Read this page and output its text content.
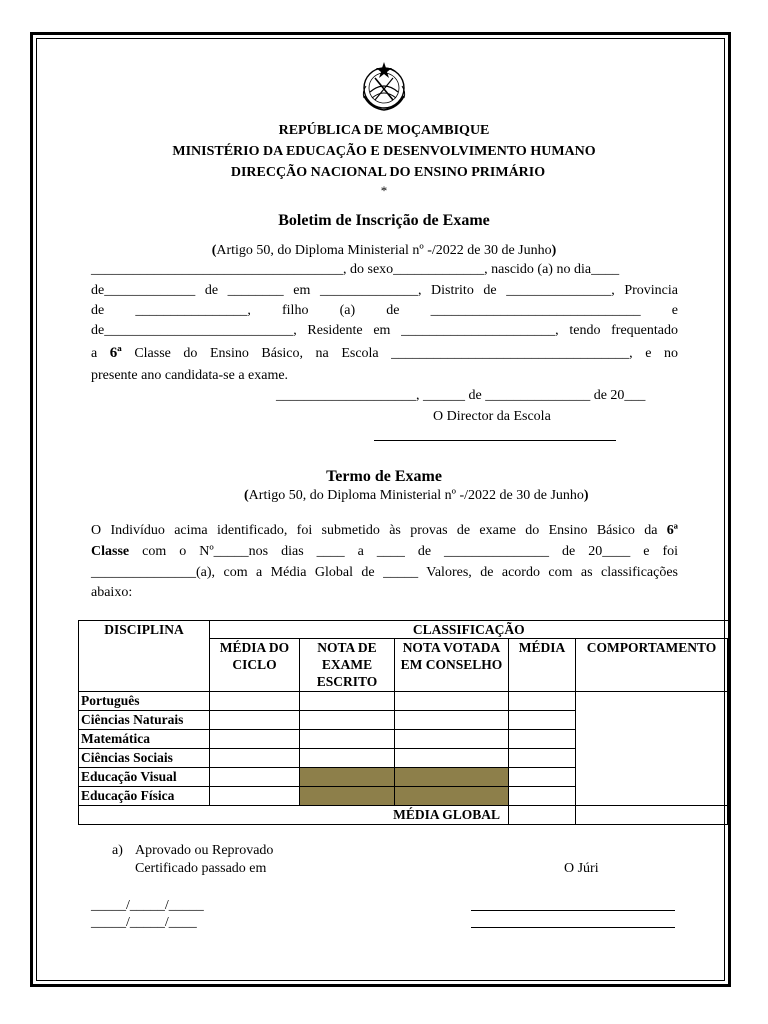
REPÚBLICA DE MOÇAMBIQUE
MINISTÉRIO DA EDUCAÇÃO E DESENVOLVIMENTO HUMANO
DIRECÇÃO NACIONAL DO ENSINO PRIMÁRIO
*
Boletim de Inscrição de Exame
(Artigo 50, do Diploma Ministerial nº -/2022 de 30 de Junho)
____________________________________, do sexo_____________, nascido (a) no dia____
de_____________ de ________ em ______________, Distrito de _______________, Provincia
de ________________, filho (a) de ______________________________ e
de___________________________, Residente em ______________________, tendo frequentado
a 6ª Classe do Ensino Básico, na Escola __________________________________, e no
presente ano candidata-se a exame.
____________________, ______ de _______________ de 20___
O Director da Escola
Termo de Exame
(Artigo 50, do Diploma Ministerial nº -/2022 de 30 de Junho)
O Indivíduo acima identificado, foi submetido às provas de exame do Ensino Básico da 6ª
Classe com o Nº_____nos dias ____ a ____ de _______________ de 20____ e foi
_______________(a), com a Média Global de _____ Valores, de acordo com as classificações
abaixo:
DISCIPLINA	CLASSIFICAÇÃO				
	MÉDIA DO CICLO	NOTA DE EXAME ESCRITO	NOTA VOTADA EM CONSELHO	MÉDIA	COMPORTAMENTO
Português					
Ciências Naturais					
Matemática					
Ciências Sociais					
Educação Visual					
Educação Física					
MÉDIA GLOBAL					
a) Aprovado ou Reprovado
Certificado passado em	O Júri
_____/_____/_____
_____/_____/____
